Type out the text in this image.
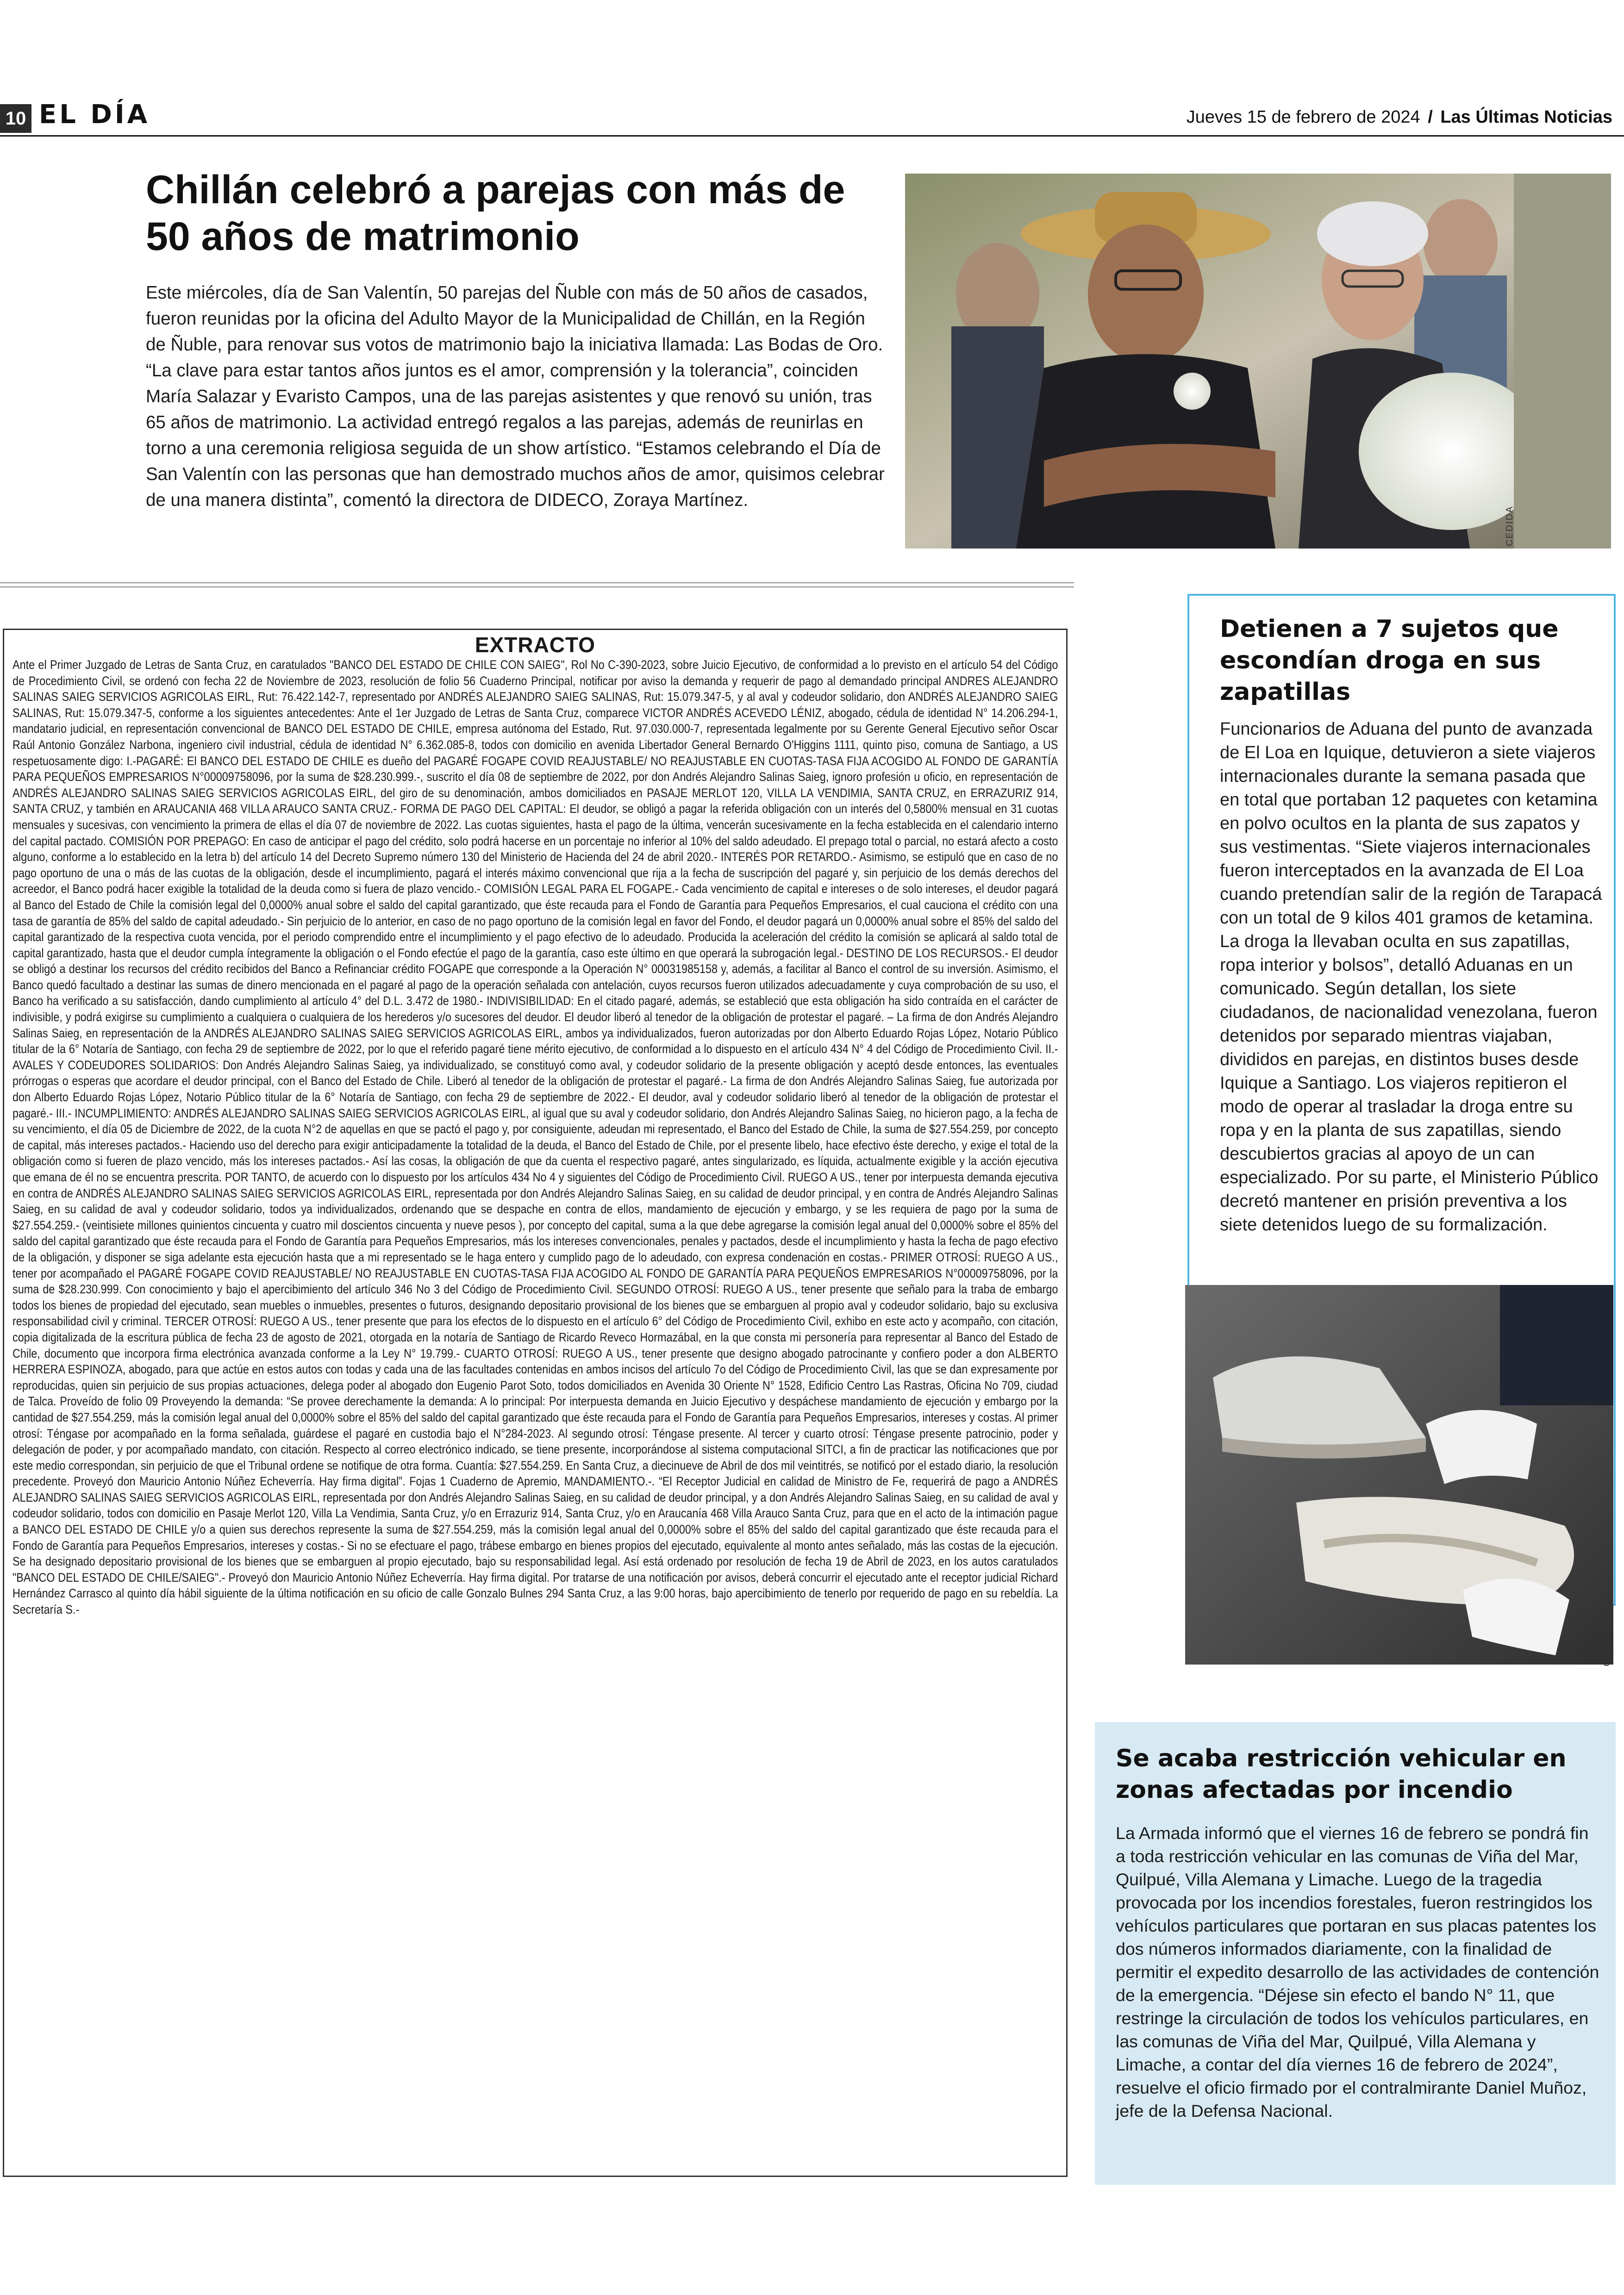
10 EL DÍA	Jueves 15 de febrero de 2024 / Las Últimas Noticias
Chillán celebró a parejas con más de 50 años de matrimonio
Este miércoles, día de San Valentín, 50 parejas del Ñuble con más de 50 años de casados, fueron reunidas por la oficina del Adulto Mayor de la Municipalidad de Chillán, en la Región de Ñuble, para renovar sus votos de matrimonio bajo la iniciativa llamada: Las Bodas de Oro. “La clave para estar tantos años juntos es el amor, comprensión y la tolerancia”, coinciden María Salazar y Evaristo Campos, una de las parejas asistentes y que renovó su unión, tras 65 años de matrimonio. La actividad entregó regalos a las parejas, además de reunirlas en torno a una ceremonia religiosa seguida de un show artístico. “Estamos celebrando el Día de San Valentín con las personas que han demostrado muchos años de amor, quisimos celebrar de una manera distinta”, comentó la directora de DIDECO, Zoraya Martínez.
CEDIDA
EXTRACTO

Ante el Primer Juzgado de Letras de Santa Cruz, en caratulados "BANCO DEL ESTADO DE CHILE CON SAIEG", Rol No C-390-2023, sobre Juicio Ejecutivo, de conformidad a lo previsto en el artículo 54 del Código de Procedimiento Civil, se ordenó con fecha 22 de Noviembre de 2023, resolución de folio 56 Cuaderno Principal, notificar por aviso la demanda y requerir de pago al demandado principal ANDRES ALEJANDRO SALINAS SAIEG SERVICIOS AGRICOLAS EIRL, Rut: 76.422.142-7, representado por ANDRÉS ALEJANDRO SAIEG SALINAS, Rut: 15.079.347-5, y al aval y codeudor solidario, don ANDRÉS ALEJANDRO SAIEG SALINAS, Rut: 15.079.347-5, conforme a los siguientes antecedentes: Ante el 1er Juzgado de Letras de Santa Cruz, comparece VICTOR ANDRÉS ACEVEDO LÉNIZ, abogado, cédula de identidad N° 14.206.294-1, mandatario judicial, en representación convencional de BANCO DEL ESTADO DE CHILE, empresa autónoma del Estado, Rut. 97.030.000-7, representada legalmente por su Gerente General Ejecutivo señor Oscar Raúl Antonio González Narbona, ingeniero civil industrial, cédula de identidad N° 6.362.085-8, todos con domicilio en avenida Libertador General Bernardo O'Higgins 1111, quinto piso, comuna de Santiago, a US respetuosamente digo: I.-PAGARÉ: El BANCO DEL ESTADO DE CHILE es dueño del PAGARÉ FOGAPE COVID REAJUSTABLE/ NO REAJUSTABLE EN CUOTAS-TASA FIJA ACOGIDO AL FONDO DE GARANTÍA PARA PEQUEÑOS EMPRESARIOS N°00009758096, por la suma de $28.230.999.-, suscrito el día 08 de septiembre de 2022, por don Andrés Alejandro Salinas Saieg, ignoro profesión u oficio, en representación de ANDRÉS ALEJANDRO SALINAS SAIEG SERVICIOS AGRICOLAS EIRL, del giro de su denominación, ambos domiciliados en PASAJE MERLOT 120, VILLA LA VENDIMIA, SANTA CRUZ, en ERRAZURIZ 914, SANTA CRUZ, y también en ARAUCANIA 468 VILLA ARAUCO SANTA CRUZ.- FORMA DE PAGO DEL CAPITAL: El deudor, se obligó a pagar la referida obligación con un interés del 0,5800% mensual en 31 cuotas mensuales y sucesivas, con vencimiento la primera de ellas el día 07 de noviembre de 2022. Las cuotas siguientes, hasta el pago de la última, vencerán sucesivamente en la fecha establecida en el calendario interno del capital pactado. COMISIÓN POR PREPAGO: En caso de anticipar el pago del crédito, solo podrá hacerse en un porcentaje no inferior al 10% del saldo adeudado. El prepago total o parcial, no estará afecto a costo alguno, conforme a lo establecido en la letra b) del artículo 14 del Decreto Supremo número 130 del Ministerio de Hacienda del 24 de abril 2020.- INTERÉS POR RETARDO.- Asimismo, se estipuló que en caso de no pago oportuno de una o más de las cuotas de la obligación, desde el incumplimiento, pagará el interés máximo convencional que rija a la fecha de suscripción del pagaré y, sin perjuicio de los demás derechos del acreedor, el Banco podrá hacer exigible la totalidad de la deuda como si fuera de plazo vencido.- COMISIÓN LEGAL PARA EL FOGAPE.- Cada vencimiento de capital e intereses o de solo intereses, el deudor pagará al Banco del Estado de Chile la comisión legal del 0,0000% anual sobre el saldo del capital garantizado, que éste recauda para el Fondo de Garantía para Pequeños Empresarios, el cual cauciona el crédito con una tasa de garantía de 85% del saldo de capital adeudado.- Sin perjuicio de lo anterior, en caso de no pago oportuno de la comisión legal en favor del Fondo, el deudor pagará un 0,0000% anual sobre el 85% del saldo del capital garantizado de la respectiva cuota vencida, por el periodo comprendido entre el incumplimiento y el pago efectivo de lo adeudado. Producida la aceleración del crédito la comisión se aplicará al saldo total de capital garantizado, hasta que el deudor cumpla íntegramente la obligación o el Fondo efectúe el pago de la garantía, caso este último en que operará la subrogación legal.- DESTINO DE LOS RECURSOS.- El deudor se obligó a destinar los recursos del crédito recibidos del Banco a Refinanciar crédito FOGAPE que corresponde a la Operación N° 00031985158 y, además, a facilitar al Banco el control de su inversión. Asimismo, el Banco quedó facultado a destinar las sumas de dinero mencionada en el pagaré al pago de la operación señalada con antelación, cuyos recursos fueron utilizados adecuadamente y cuya comprobación de su uso, el Banco ha verificado a su satisfacción, dando cumplimiento al artículo 4° del D.L. 3.472 de 1980.- INDIVISIBILIDAD: En el citado pagaré, además, se estableció que esta obligación ha sido contraída en el carácter de indivisible, y podrá exigirse su cumplimiento a cualquiera o cualquiera de los herederos y/o sucesores del deudor. El deudor liberó al tenedor de la obligación de protestar el pagaré. – La firma de don Andrés Alejandro Salinas Saieg, en representación de la ANDRÉS ALEJANDRO SALINAS SAIEG SERVICIOS AGRICOLAS EIRL, ambos ya individualizados, fueron autorizadas por don Alberto Eduardo Rojas López, Notario Público titular de la 6° Notaría de Santiago, con fecha 29 de septiembre de 2022, por lo que el referido pagaré tiene mérito ejecutivo, de conformidad a lo dispuesto en el artículo 434 N° 4 del Código de Procedimiento Civil. II.- AVALES Y CODEUDORES SOLIDARIOS: Don Andrés Alejandro Salinas Saieg, ya individualizado, se constituyó como aval, y codeudor solidario de la presente obligación y aceptó desde entonces, las eventuales prórrogas o esperas que acordare el deudor principal, con el Banco del Estado de Chile. Liberó al tenedor de la obligación de protestar el pagaré.- La firma de don Andrés Alejandro Salinas Saieg, fue autorizada por don Alberto Eduardo Rojas López, Notario Público titular de la 6° Notaría de Santiago, con fecha 29 de septiembre de 2022.- El deudor, aval y codeudor solidario liberó al tenedor de la obligación de protestar el pagaré.- III.- INCUMPLIMIENTO: ANDRÉS ALEJANDRO SALINAS SAIEG SERVICIOS AGRICOLAS EIRL, al igual que su aval y codeudor solidario, don Andrés Alejandro Salinas Saieg, no hicieron pago, a la fecha de su vencimiento, el día 05 de Diciembre de 2022, de la cuota N°2 de aquellas en que se pactó el pago y, por consiguiente, adeudan mi representado, el Banco del Estado de Chile, la suma de $27.554.259, por concepto de capital, más intereses pactados.- Haciendo uso del derecho para exigir anticipadamente la totalidad de la deuda, el Banco del Estado de Chile, por el presente libelo, hace efectivo éste derecho, y exige el total de la obligación como si fueren de plazo vencido, más los intereses pactados.- Así las cosas, la obligación de que da cuenta el respectivo pagaré, antes singularizado, es líquida, actualmente exigible y la acción ejecutiva que emana de él no se encuentra prescrita. POR TANTO, de acuerdo con lo dispuesto por los artículos 434 No 4 y siguientes del Código de Procedimiento Civil. RUEGO A US., tener por interpuesta demanda ejecutiva en contra de ANDRÉS ALEJANDRO SALINAS SAIEG SERVICIOS AGRICOLAS EIRL, representada por don Andrés Alejandro Salinas Saieg, en su calidad de deudor principal, y en contra de Andrés Alejandro Salinas Saieg, en su calidad de aval y codeudor solidario, todos ya individualizados, ordenando que se despache en contra de ellos, mandamiento de ejecución y embargo, y se les requiera de pago por la suma de $27.554.259.- (veintisiete millones quinientos cincuenta y cuatro mil doscientos cincuenta y nueve pesos ), por concepto del capital, suma a la que debe agregarse la comisión legal anual del 0,0000% sobre el 85% del saldo del capital garantizado que éste recauda para el Fondo de Garantía para Pequeños Empresarios, más los intereses convencionales, penales y pactados, desde el incumplimiento y hasta la fecha de pago efectivo de la obligación, y disponer se siga adelante esta ejecución hasta que a mi representado se le haga entero y cumplido pago de lo adeudado, con expresa condenación en costas.- PRIMER OTROSÍ: RUEGO A US., tener por acompañado el PAGARÉ FOGAPE COVID REAJUSTABLE/ NO REAJUSTABLE EN CUOTAS-TASA FIJA ACOGIDO AL FONDO DE GARANTÍA PARA PEQUEÑOS EMPRESARIOS N°00009758096, por la suma de $28.230.999. Con conocimiento y bajo el apercibimiento del artículo 346 No 3 del Código de Procedimiento Civil. SEGUNDO OTROSÍ: RUEGO A US., tener presente que señalo para la traba de embargo todos los bienes de propiedad del ejecutado, sean muebles o inmuebles, presentes o futuros, designando depositario provisional de los bienes que se embarguen al propio aval y codeudor solidario, bajo su exclusiva responsabilidad civil y criminal. TERCER OTROSÍ: RUEGO A US., tener presente que para los efectos de lo dispuesto en el artículo 6° del Código de Procedimiento Civil, exhibo en este acto y acompaño, con citación, copia digitalizada de la escritura pública de fecha 23 de agosto de 2021, otorgada en la notaría de Santiago de Ricardo Reveco Hormazábal, en la que consta mi personería para representar al Banco del Estado de Chile, documento que incorpora firma electrónica avanzada conforme a la Ley N° 19.799.- CUARTO OTROSÍ: RUEGO A US., tener presente que designo abogado patrocinante y confiero poder a don ALBERTO HERRERA ESPINOZA, abogado, para que actúe en estos autos con todas y cada una de las facultades contenidas en ambos incisos del artículo 7o del Código de Procedimiento Civil, las que se dan expresamente por reproducidas, quien sin perjuicio de sus propias actuaciones, delega poder al abogado don Eugenio Parot Soto, todos domiciliados en Avenida 30 Oriente N° 1528, Edificio Centro Las Rastras, Oficina No 709, ciudad de Talca. Proveído de folio 09 Proveyendo la demanda: “Se provee derechamente la demanda: A lo principal: Por interpuesta demanda en Juicio Ejecutivo y despáchese mandamiento de ejecución y embargo por la cantidad de $27.554.259, más la comisión legal anual del 0,0000% sobre el 85% del saldo del capital garantizado que éste recauda para el Fondo de Garantía para Pequeños Empresarios, intereses y costas. Al primer otrosí: Téngase por acompañado en la forma señalada, guárdese el pagaré en custodia bajo el N°284-2023. Al segundo otrosí: Téngase presente. Al tercer y cuarto otrosí: Téngase presente patrocinio, poder y delegación de poder, y por acompañado mandato, con citación. Respecto al correo electrónico indicado, se tiene presente, incorporándose al sistema computacional SITCI, a fin de practicar las notificaciones que por este medio correspondan, sin perjuicio de que el Tribunal ordene se notifique de otra forma. Cuantía: $27.554.259. En Santa Cruz, a diecinueve de Abril de dos mil veintitrés, se notificó por el estado diario, la resolución precedente. Proveyó don Mauricio Antonio Núñez Echeverría. Hay firma digital”. Fojas 1 Cuaderno de Apremio, MANDAMIENTO.-. “El Receptor Judicial en calidad de Ministro de Fe, requerirá de pago a ANDRÉS ALEJANDRO SALINAS SAIEG SERVICIOS AGRICOLAS EIRL, representada por don Andrés Alejandro Salinas Saieg, en su calidad de deudor principal, y a don Andrés Alejandro Salinas Saieg, en su calidad de aval y codeudor solidario, todos con domicilio en Pasaje Merlot 120, Villa La Vendimia, Santa Cruz, y/o en Errazuriz 914, Santa Cruz, y/o en Araucanía 468 Villa Arauco Santa Cruz, para que en el acto de la intimación pague a BANCO DEL ESTADO DE CHILE y/o a quien sus derechos represente la suma de $27.554.259, más la comisión legal anual del 0,0000% sobre el 85% del saldo del capital garantizado que éste recauda para el Fondo de Garantía para Pequeños Empresarios, intereses y costas.- Si no se efectuare el pago, trábese embargo en bienes propios del ejecutado, equivalente al monto antes señalado, más las costas de la ejecución. Se ha designado depositario provisional de los bienes que se embarguen al propio ejecutado, bajo su responsabilidad legal. Así está ordenado por resolución de fecha 19 de Abril de 2023, en los autos caratulados "BANCO DEL ESTADO DE CHILE/SAIEG".- Proveyó don Mauricio Antonio Núñez Echeverría. Hay firma digital. Por tratarse de una notificación por avisos, deberá concurrir el ejecutado ante el receptor judicial Richard Hernández Carrasco al quinto día hábil siguiente de la última notificación en su oficio de calle Gonzalo Bulnes 294 Santa Cruz, a las 9:00 horas, bajo apercibimiento de tenerlo por requerido de pago en su rebeldía. La Secretaría S.-

Detienen a 7 sujetos que escondían droga en sus zapatillas
Funcionarios de Aduana del punto de avanzada de El Loa en Iquique, detuvieron a siete viajeros internacionales durante la semana pasada que en total que portaban 12 paquetes con ketamina en polvo ocultos en la planta de sus zapatos y sus vestimentas. “Siete viajeros internacionales fueron interceptados en la avanzada de El Loa cuando pretendían salir de la región de Tarapacá con un total de 9 kilos 401 gramos de ketamina. La droga la llevaban oculta en sus zapatillas, ropa interior y bolsos”, detalló Aduanas en un comunicado. Según detallan, los siete ciudadanos, de nacionalidad venezolana, fueron detenidos por separado mientras viajaban, divididos en parejas, en distintos buses desde Iquique a Santiago. Los viajeros repitieron el modo de operar al trasladar la droga entre su ropa y en la planta de sus zapatillas, siendo descubiertos gracias al apoyo de un can especializado. Por su parte, el Ministerio Público decretó mantener en prisión preventiva a los siete detenidos luego de su formalización.
CEDIDA
Se acaba restricción vehicular en zonas afectadas por incendio
La Armada informó que el viernes 16 de febrero se pondrá fin a toda restricción vehicular en las comunas de Viña del Mar, Quilpué, Villa Alemana y Limache. Luego de la tragedia provocada por los incendios forestales, fueron restringidos los vehículos particulares que portaran en sus placas patentes los dos números informados diariamente, con la finalidad de permitir el expedito desarrollo de las actividades de contención de la emergencia. “Déjese sin efecto el bando N° 11, que restringe la circulación de todos los vehículos particulares, en las comunas de Viña del Mar, Quilpué, Villa Alemana y Limache, a contar del día viernes 16 de febrero de 2024”, resuelve el oficio firmado por el contralmirante Daniel Muñoz, jefe de la Defensa Nacional.
